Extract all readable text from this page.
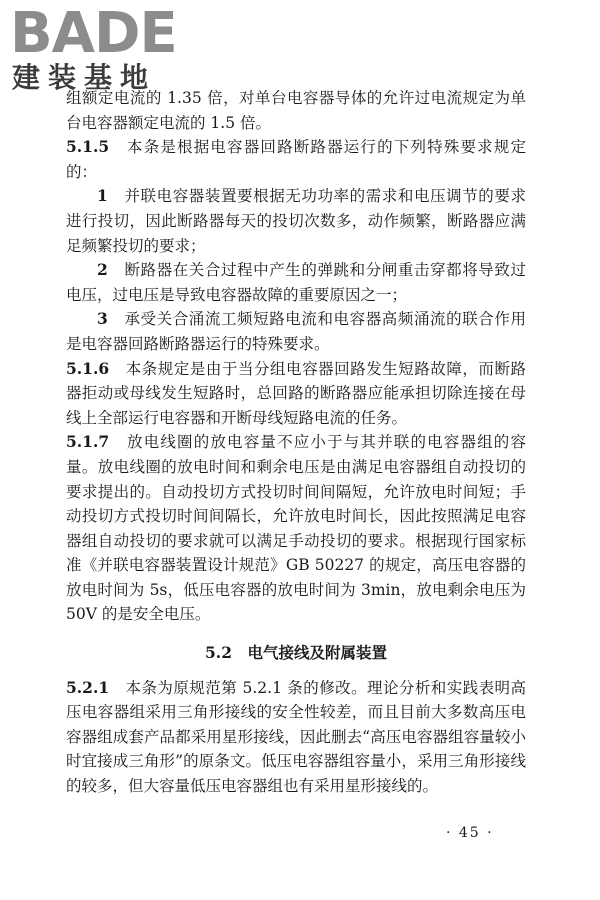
BADE
建装基地

组额定电流的 1.35 倍，对单台电容器导体的允许过电流规定为单台电容器额定电流的 1.5 倍。

5.1.5　 本条是根据电容器回路断路器运行的下列特殊要求规定的：

1　 并联电容器装置要根据无功功率的需求和电压调节的要求进行投切，因此断路器每天的投切次数多，动作频繁，断路器应满足频繁投切的要求；

2　 断路器在关合过程中产生的弹跳和分闸重击穿都将导致过电压，过电压是导致电容器故障的重要原因之一；

3　 承受关合涌流工频短路电流和电容器高频涌流的联合作用是电容器回路断路器运行的特殊要求。

5.1.6　 本条规定是由于当分组电容器回路发生短路故障，而断路器拒动或母线发生短路时，总回路的断路器应能承担切除连接在母线上全部运行电容器和开断母线短路电流的任务。

5.1.7　 放电线圈的放电容量不应小于与其并联的电容器组的容量。放电线圈的放电时间和剩余电压是由满足电容器组自动投切的要求提出的。自动投切方式投切时间间隔短，允许放电时间短；手动投切方式投切时间间隔长，允许放电时间长，因此按照满足电容器组自动投切的要求就可以满足手动投切的要求。根据现行国家标准《并联电容器装置设计规范》GB 50227 的规定，高压电容器的放电时间为 5s，低压电容器的放电时间为 3min，放电剩余电压为 50V 的是安全电压。

5.2　电气接线及附属装置

5.2.1　 本条为原规范第 5.2.1 条的修改。理论分析和实践表明高压电容器组采用三角形接线的安全性较差，而且目前大多数高压电容器组成套产品都采用星形接线，因此删去“高压电容器组容量较小时宜接成三角形”的原条文。低压电容器组容量小，采用三角形接线的较多，但大容量低压电容器组也有采用星形接线的。

· 45 ·
